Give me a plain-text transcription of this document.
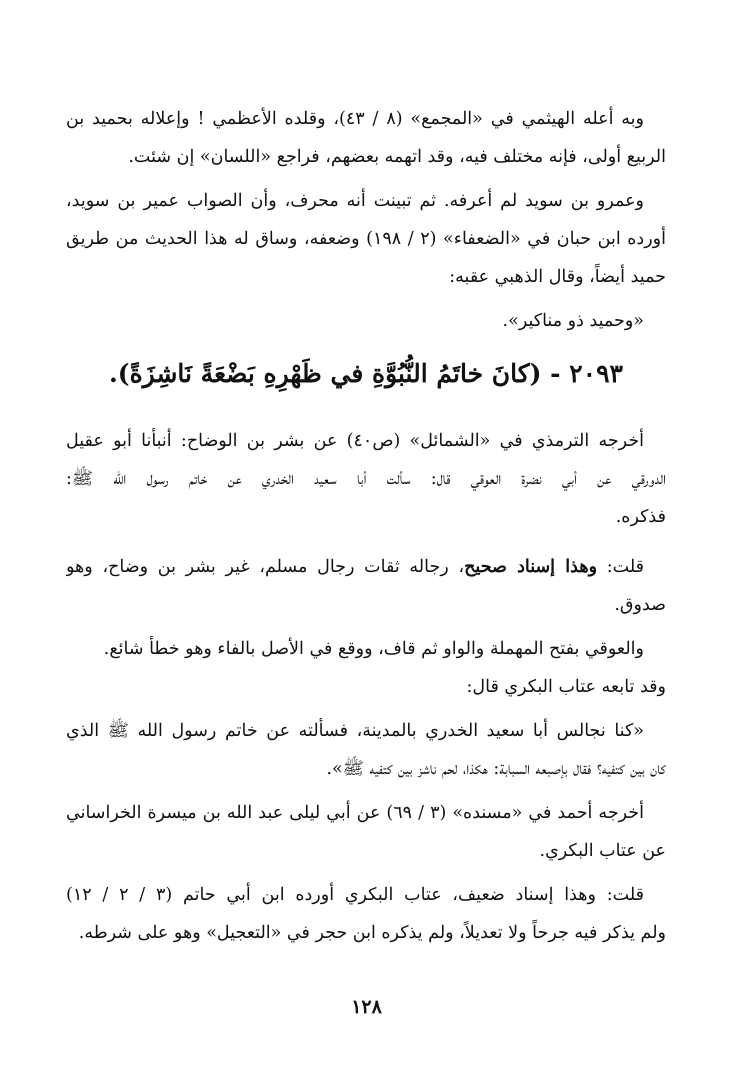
وبه أعله الهيثمي في «المجمع» (٨ / ٤٣)، وقلده الأعظمي ! وإعلاله بحميد بن
الربيع أولى، فإنه مختلف فيه، وقد اتهمه بعضهم، فراجع «اللسان» إن شئت.
وعمرو بن سويد لم أعرفه. ثم تبينت أنه محرف، وأن الصواب عمير بن سويد،
أورده ابن حبان في «الضعفاء» (٢ / ١٩٨) وضعفه، وساق له هذا الحديث من طريق
حميد أيضاً، وقال الذهبي عقبه:
«وحميد ذو مناكير».
٢٠٩٣ - (كانَ خاتَمُ النُّبُوَّةِ في ظَهْرِهِ بَضْعَةً نَاشِزَةً).
أخرجه الترمذي في «الشمائل» (ص٤٠) عن بشر بن الوضاح: أنبأنا أبو عقيل
الدورقي عن أبي نضرة العوقي قال: سألت أبا سعيد الخدري عن خاتم رسول الله ﷺ:
فذكره.
قلت: وهذا إسناد صحيح، رجاله ثقات رجال مسلم، غير بشر بن وضاح، وهو
صدوق.
والعوقي بفتح المهملة والواو ثم قاف، ووقع في الأصل بالفاء وهو خطأ شائع.
وقد تابعه عتاب البكري قال:
«كنا نجالس أبا سعيد الخدري بالمدينة، فسألته عن خاتم رسول الله ﷺ الذي
كان بين كتفيه؟ فقال بإصبعه السبابة: هكذا، لحم ناشز بين كتفيه ﷺ».
أخرجه أحمد في «مسنده» (٣ / ٦٩) عن أبي ليلى عبد الله بن ميسرة الخراساني
عن عتاب البكري.
قلت: وهذا إسناد ضعيف، عتاب البكري أورده ابن أبي حاتم (٣ / ٢ / ١٢)
ولم يذكر فيه جرحاً ولا تعديلاً، ولم يذكره ابن حجر في «التعجيل» وهو على شرطه.
١٢٨
